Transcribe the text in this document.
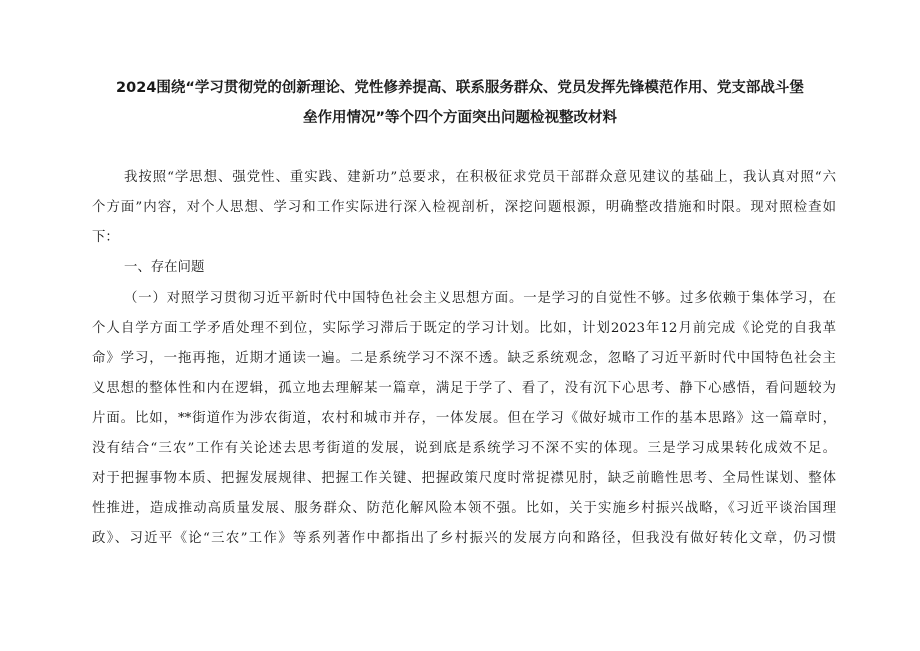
2024围绕“学习贯彻党的创新理论、党性修养提高、联系服务群众、党员发挥先锋模范作用、党支部战斗堡

垒作用情况”等个四个方面突出问题检视整改材料

我按照“学思想、强党性、重实践、建新功”总要求，在积极征求党员干部群众意见建议的基础上，我认真对照“六

个方面”内容，对个人思想、学习和工作实际进行深入检视剖析，深挖问题根源，明确整改措施和时限。现对照检查如

下：

一、存在问题

（一）对照学习贯彻习近平新时代中国特色社会主义思想方面。一是学习的自觉性不够。过多依赖于集体学习，在

个人自学方面工学矛盾处理不到位，实际学习滞后于既定的学习计划。比如，计划2023年12月前完成《论党的自我革

命》学习，一拖再拖，近期才通读一遍。二是系统学习不深不透。缺乏系统观念，忽略了习近平新时代中国特色社会主

义思想的整体性和内在逻辑，孤立地去理解某一篇章，满足于学了、看了，没有沉下心思考、静下心感悟，看问题较为

片面。比如，**街道作为涉农街道，农村和城市并存，一体发展。但在学习《做好城市工作的基本思路》这一篇章时，

没有结合“三农”工作有关论述去思考街道的发展，说到底是系统学习不深不实的体现。三是学习成果转化成效不足。

对于把握事物本质、把握发展规律、把握工作关键、把握政策尺度时常捉襟见肘，缺乏前瞻性思考、全局性谋划、整体

性推进，造成推动高质量发展、服务群众、防范化解风险本领不强。比如，关于实施乡村振兴战略，《习近平谈治国理

政》、习近平《论“三农”工作》等系列著作中都指出了乡村振兴的发展方向和路径，但我没有做好转化文章，仍习惯
